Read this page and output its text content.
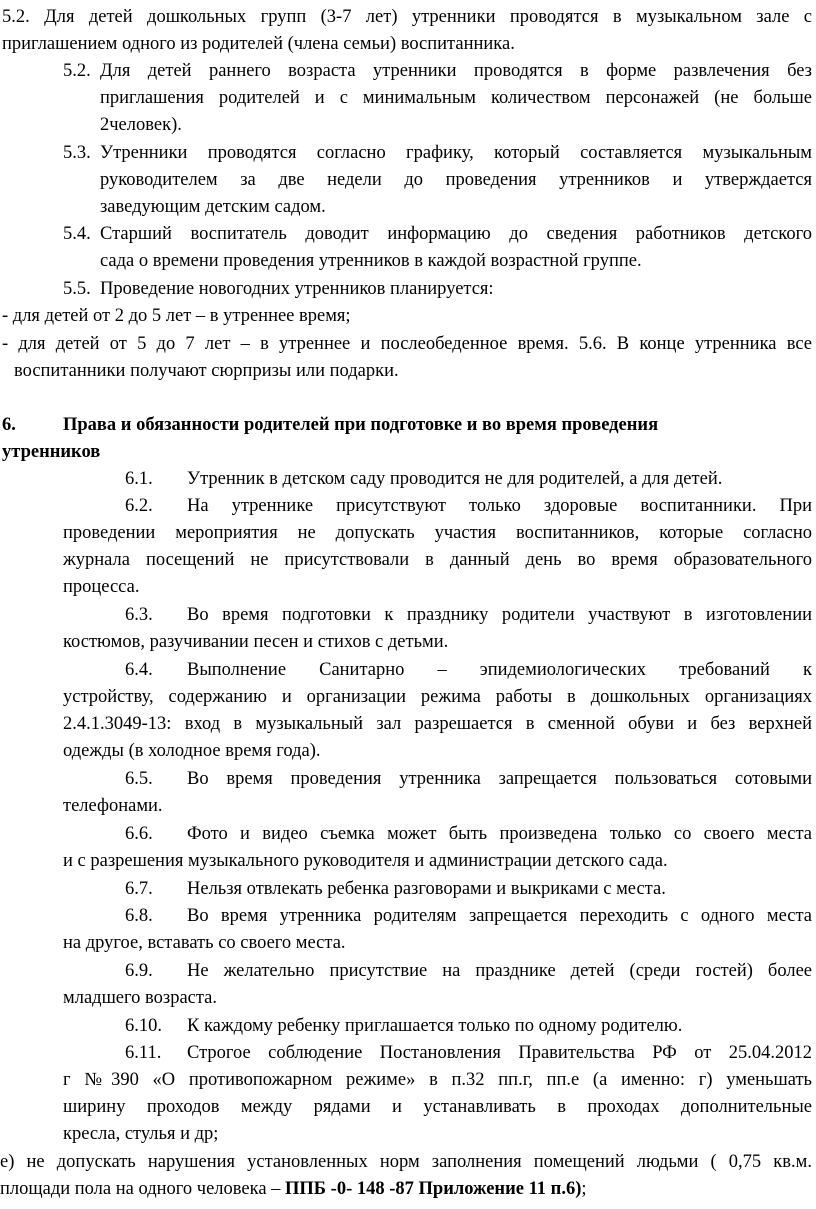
5.2. Для детей дошкольных групп (3-7 лет) утренники проводятся в музыкальном зале с
приглашением одного из родителей (члена семьи) воспитанника.
5.2. Для детей раннего возраста утренники проводятся в форме развлечения без
приглашения родителей и с минимальным количеством персонажей (не больше
2человек).
5.3. Утренники проводятся согласно графику, который составляется музыкальным
руководителем за две недели до проведения утренников и утверждается
заведующим детским садом.
5.4. Старший воспитатель доводит информацию до сведения работников детского
сада о времени проведения утренников в каждой возрастной группе.
5.5. Проведение новогодних утренников планируется:
- для детей от 2 до 5 лет – в утреннее время;
- для детей от 5 до 7 лет – в утреннее и послеобеденное время. 5.6. В конце утренника все
воспитанники получают сюрпризы или подарки.
6.	Права и обязанности родителей при подготовке и во время проведения
утренников
6.1. Утренник в детском саду проводится не для родителей, а для детей.
6.2. На утреннике присутствуют только здоровые воспитанники. При
проведении мероприятия не допускать участия воспитанников, которые согласно
журнала посещений не присутствовали в данный день во время образовательного
процесса.
6.3. Во время подготовки к празднику родители участвуют в изготовлении
костюмов, разучивании песен и стихов с детьми.
6.4. Выполнение Санитарно – эпидемиологических требований к
устройству, содержанию и организации режима работы в дошкольных организациях
2.4.1.3049-13: вход в музыкальный зал разрешается в сменной обуви и без верхней
одежды (в холодное время года).
6.5. Во время проведения утренника запрещается пользоваться сотовыми
телефонами.
6.6. Фото и видео съемка может быть произведена только со своего места
и с разрешения музыкального руководителя и администрации детского сада.
6.7. Нельзя отвлекать ребенка разговорами и выкриками с места.
6.8. Во время утренника родителям запрещается переходить с одного места
на другое, вставать со своего места.
6.9. Не желательно присутствие на празднике детей (среди гостей) более
младшего возраста.
6.10. К каждому ребенку приглашается только по одному родителю.
6.11. Строгое соблюдение Постановления Правительства РФ от 25.04.2012
г №390 «О противопожарном режиме» в п.32 пп.г, пп.е (а именно: г) уменьшать
ширину проходов между рядами и устанавливать в проходах дополнительные
кресла, стулья и др;
е) не допускать нарушения установленных норм заполнения помещений людьми ( 0,75 кв.м.
площади пола на одного человека – ППБ -0- 148 -87 Приложение 11 п.6);
